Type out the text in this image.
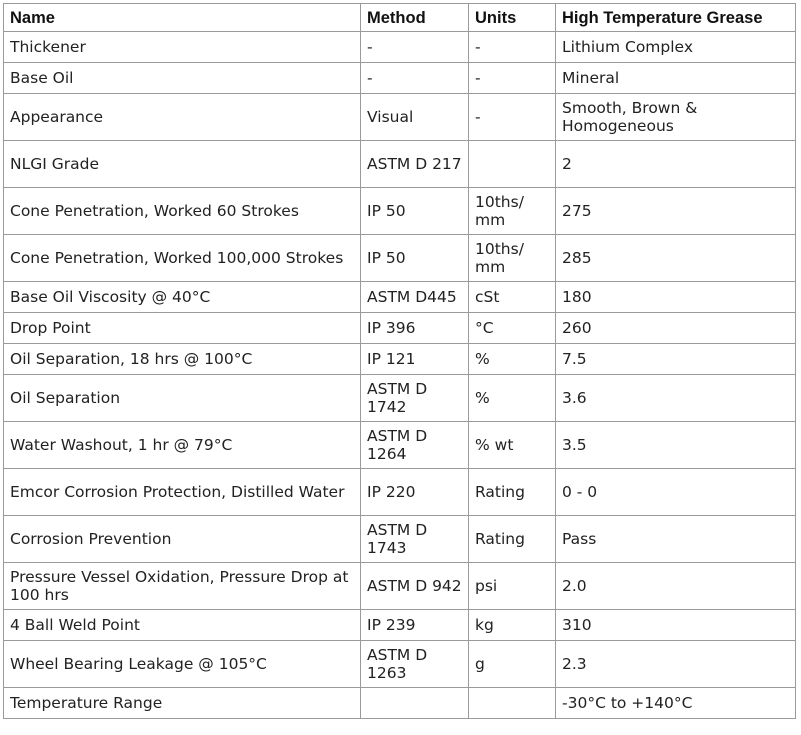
Name	Method	Units	High Temperature Grease
Thickener	-	-	Lithium Complex
Base Oil	-	-	Mineral
Appearance	Visual	-	Smooth, Brown & Homogeneous
NLGI Grade	ASTM D 217		2
Cone Penetration, Worked 60 Strokes	IP 50	10ths/ mm	275
Cone Penetration, Worked 100,000 Strokes	IP 50	10ths/ mm	285
Base Oil Viscosity @ 40°C	ASTM D445	cSt	180
Drop Point	IP 396	°C	260
Oil Separation, 18 hrs @ 100°C	IP 121	%	7.5
Oil Separation	ASTM D 1742	%	3.6
Water Washout, 1 hr @ 79°C	ASTM D 1264	% wt	3.5
Emcor Corrosion Protection, Distilled Water	IP 220	Rating	0 - 0
Corrosion Prevention	ASTM D 1743	Rating	Pass
Pressure Vessel Oxidation, Pressure Drop at 100 hrs	ASTM D 942	psi	2.0
4 Ball Weld Point	IP 239	kg	310
Wheel Bearing Leakage @ 105°C	ASTM D 1263	g	2.3
Temperature Range			-30°C to +140°C
